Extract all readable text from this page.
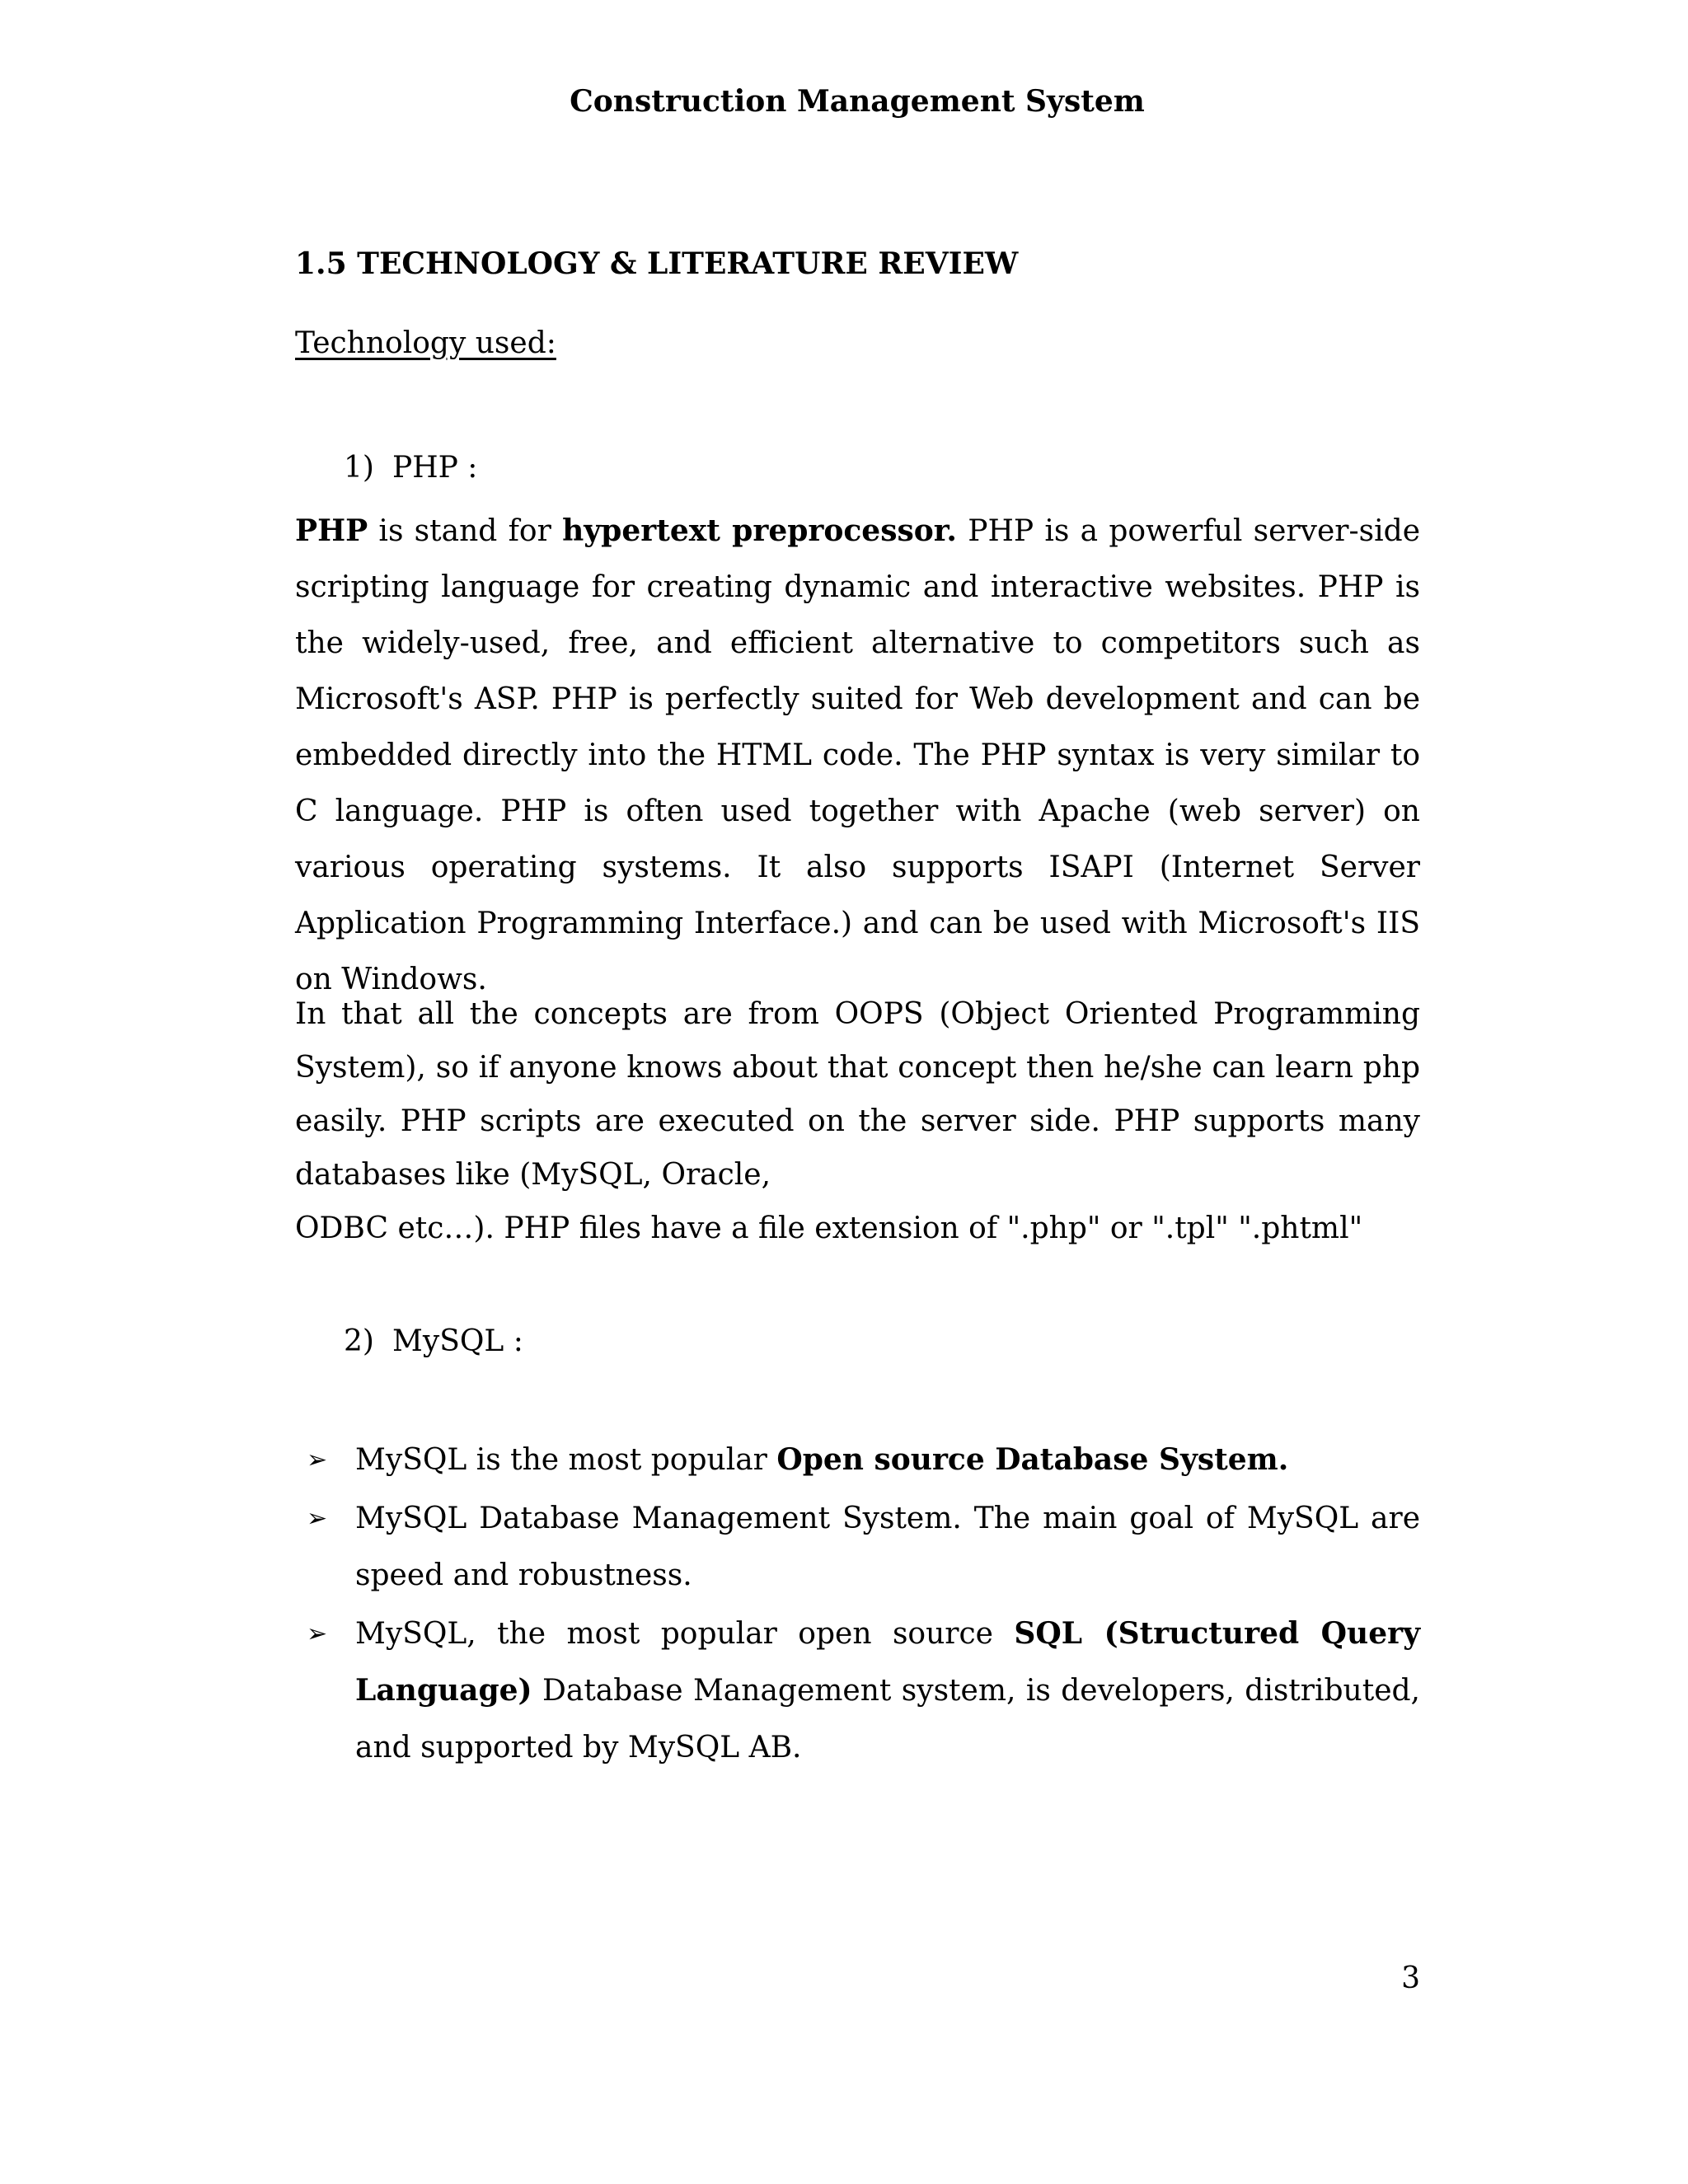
Construction Management System
1.5 TECHNOLOGY & LITERATURE REVIEW
Technology used:
1) PHP :

PHP is stand for hypertext preprocessor. PHP is a powerful server-side scripting language for creating dynamic and interactive websites. PHP is the widely-used, free, and efficient alternative to competitors such as Microsoft's ASP. PHP is perfectly suited for Web development and can be embedded directly into the HTML code. The PHP syntax is very similar to C language. PHP is often used together with Apache (web server) on various operating systems. It also supports ISAPI (Internet Server Application Programming Interface.) and can be used with Microsoft's IIS on Windows.

In that all the concepts are from OOPS (Object Oriented Programming System), so if anyone knows about that concept then he/she can learn php easily. PHP scripts are executed on the server side. PHP supports many databases like (MySQL, Oracle,
ODBC etc…). PHP files have a file extension of ".php" or ".tpl" ".phtml"

2) MySQL :
➢ MySQL is the most popular Open source Database System.
➢ MySQL Database Management System. The main goal of MySQL are speed and robustness.
➢ MySQL, the most popular open source SQL (Structured Query Language) Database Management system, is developers, distributed, and supported by MySQL AB.
3
